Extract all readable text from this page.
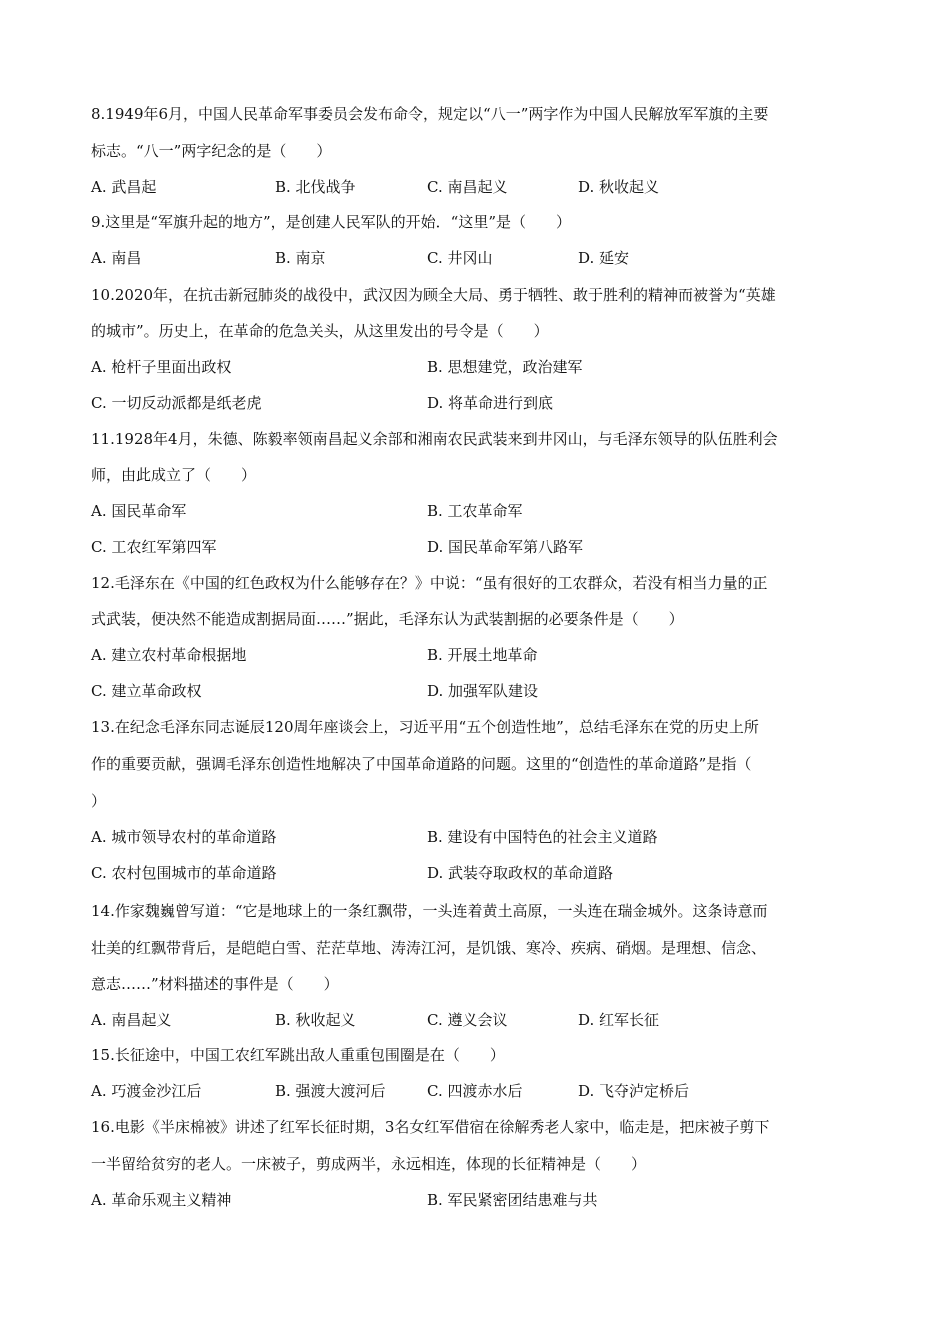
8.1949年6月，中国人民革命军事委员会发布命令，规定以“八一”两字作为中国人民解放军军旗的主要
标志。“八一”两字纪念的是（　　）
A. 武昌起	B. 北伐战争	C. 南昌起义	D. 秋收起义
9.这里是“军旗升起的地方”，是创建人民军队的开始．“这里”是（　　）
A. 南昌	B. 南京	C. 井冈山	D. 延安
10.2020年，在抗击新冠肺炎的战役中，武汉因为顾全大局、勇于牺牲、敢于胜利的精神而被誉为“英雄
的城市”。历史上，在革命的危急关头，从这里发出的号令是（　　）
A. 枪杆子里面出政权	B. 思想建党，政治建军
C. 一切反动派都是纸老虎	D. 将革命进行到底
11.1928年4月，朱德、陈毅率领南昌起义余部和湘南农民武装来到井冈山，与毛泽东领导的队伍胜利会
师，由此成立了（　　）
A. 国民革命军	B. 工农革命军
C. 工农红军第四军	D. 国民革命军第八路军
12.毛泽东在《中国的红色政权为什么能够存在？》中说：“虽有很好的工农群众，若没有相当力量的正
式武装，便决然不能造成割据局面……”据此，毛泽东认为武装割据的必要条件是（　　）
A. 建立农村革命根据地	B. 开展土地革命
C. 建立革命政权	D. 加强军队建设
13.在纪念毛泽东同志诞辰120周年座谈会上，习近平用“五个创造性地”，总结毛泽东在党的历史上所
作的重要贡献，强调毛泽东创造性地解决了中国革命道路的问题。这里的“创造性的革命道路”是指（
）
A. 城市领导农村的革命道路	B. 建设有中国特色的社会主义道路
C. 农村包围城市的革命道路	D. 武装夺取政权的革命道路
14.作家魏巍曾写道：“它是地球上的一条红飘带，一头连着黄土高原，一头连在瑞金城外。这条诗意而
壮美的红飘带背后，是皑皑白雪、茫茫草地、涛涛江河，是饥饿、寒冷、疾病、硝烟。是理想、信念、
意志……”材料描述的事件是（　　）
A. 南昌起义	B. 秋收起义	C. 遵义会议	D. 红军长征
15.长征途中，中国工农红军跳出敌人重重包围圈是在（　　）
A. 巧渡金沙江后	B. 强渡大渡河后	C. 四渡赤水后	D. 飞夺泸定桥后
16.电影《半床棉被》讲述了红军长征时期，3名女红军借宿在徐解秀老人家中，临走是，把床被子剪下
一半留给贫穷的老人。一床被子，剪成两半，永远相连，体现的长征精神是（　　）
A. 革命乐观主义精神	B. 军民紧密团结患难与共
